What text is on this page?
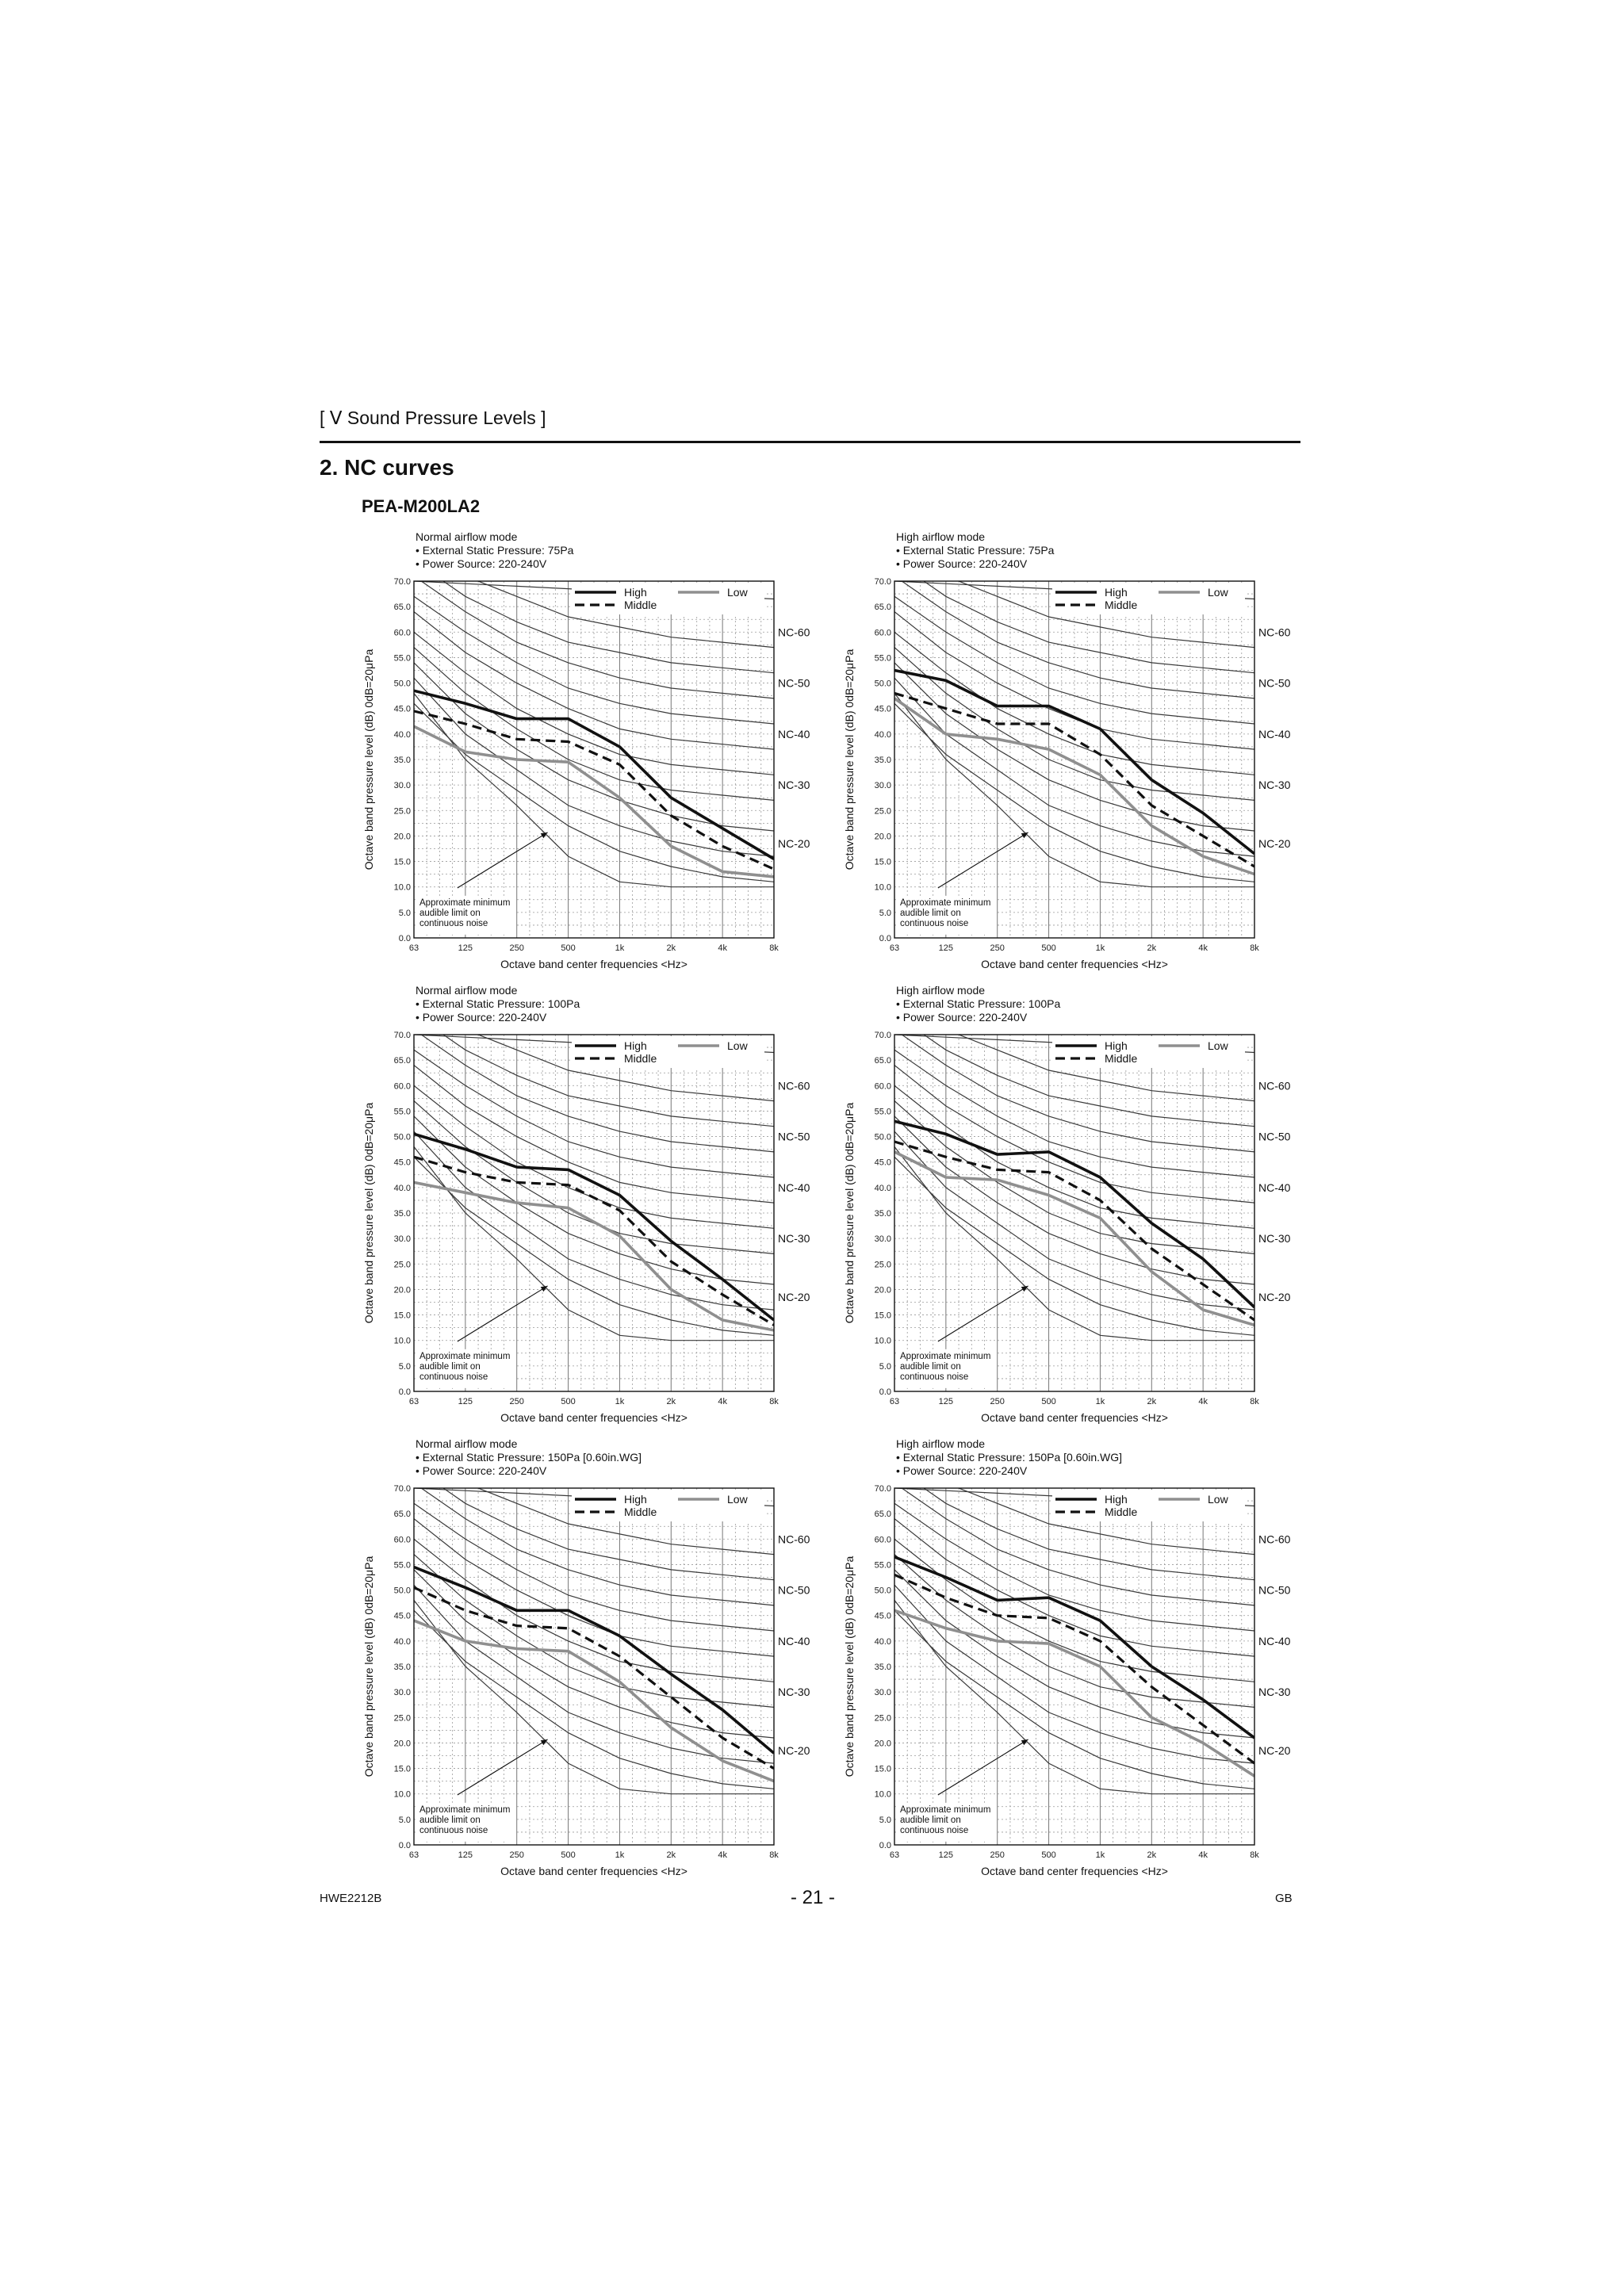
[ Ⅴ Sound Pressure Levels ]
2. NC curves
PEA-M200LA2
Normal airflow mode
• External Static Pressure: 75Pa
• Power Source: 220-240V
0.0
5.0
10.0
15.0
20.0
25.0
30.0
35.0
40.0
45.0
50.0
55.0
60.0
65.0
70.0
63	125	250	500	1k	2k	4k	8k
Octave band center frequencies <Hz>
Octave band pressure level (dB) 0dB=20μPa
NC-60
NC-50
NC-40
NC-30
NC-20
High
Middle
Low
Approximate minimum
audible limit on
continuous noise
High airflow mode
• External Static Pressure: 75Pa
• Power Source: 220-240V
0.0
5.0
10.0
15.0
20.0
25.0
30.0
35.0
40.0
45.0
50.0
55.0
60.0
65.0
70.0
63	125	250	500	1k	2k	4k	8k
Octave band center frequencies <Hz>
Octave band pressure level (dB) 0dB=20μPa
NC-60
NC-50
NC-40
NC-30
NC-20
High
Middle
Low
Approximate minimum
audible limit on
continuous noise
Normal airflow mode
• External Static Pressure: 100Pa
• Power Source: 220-240V
0.0
5.0
10.0
15.0
20.0
25.0
30.0
35.0
40.0
45.0
50.0
55.0
60.0
65.0
70.0
63	125	250	500	1k	2k	4k	8k
Octave band center frequencies <Hz>
Octave band pressure level (dB) 0dB=20μPa
NC-60
NC-50
NC-40
NC-30
NC-20
High
Middle
Low
Approximate minimum
audible limit on
continuous noise
High airflow mode
• External Static Pressure: 100Pa
• Power Source: 220-240V
0.0
5.0
10.0
15.0
20.0
25.0
30.0
35.0
40.0
45.0
50.0
55.0
60.0
65.0
70.0
63	125	250	500	1k	2k	4k	8k
Octave band center frequencies <Hz>
Octave band pressure level (dB) 0dB=20μPa
NC-60
NC-50
NC-40
NC-30
NC-20
High
Middle
Low
Approximate minimum
audible limit on
continuous noise
Normal airflow mode
• External Static Pressure: 150Pa [0.60in.WG]
• Power Source: 220-240V
0.0
5.0
10.0
15.0
20.0
25.0
30.0
35.0
40.0
45.0
50.0
55.0
60.0
65.0
70.0
63	125	250	500	1k	2k	4k	8k
Octave band center frequencies <Hz>
Octave band pressure level (dB) 0dB=20μPa
NC-60
NC-50
NC-40
NC-30
NC-20
High
Middle
Low
Approximate minimum
audible limit on
continuous noise
High airflow mode
• External Static Pressure: 150Pa [0.60in.WG]
• Power Source: 220-240V
0.0
5.0
10.0
15.0
20.0
25.0
30.0
35.0
40.0
45.0
50.0
55.0
60.0
65.0
70.0
63	125	250	500	1k	2k	4k	8k
Octave band center frequencies <Hz>
Octave band pressure level (dB) 0dB=20μPa
NC-60
NC-50
NC-40
NC-30
NC-20
High
Middle
Low
Approximate minimum
audible limit on
continuous noise
HWE2212B	- 21 -	GB
